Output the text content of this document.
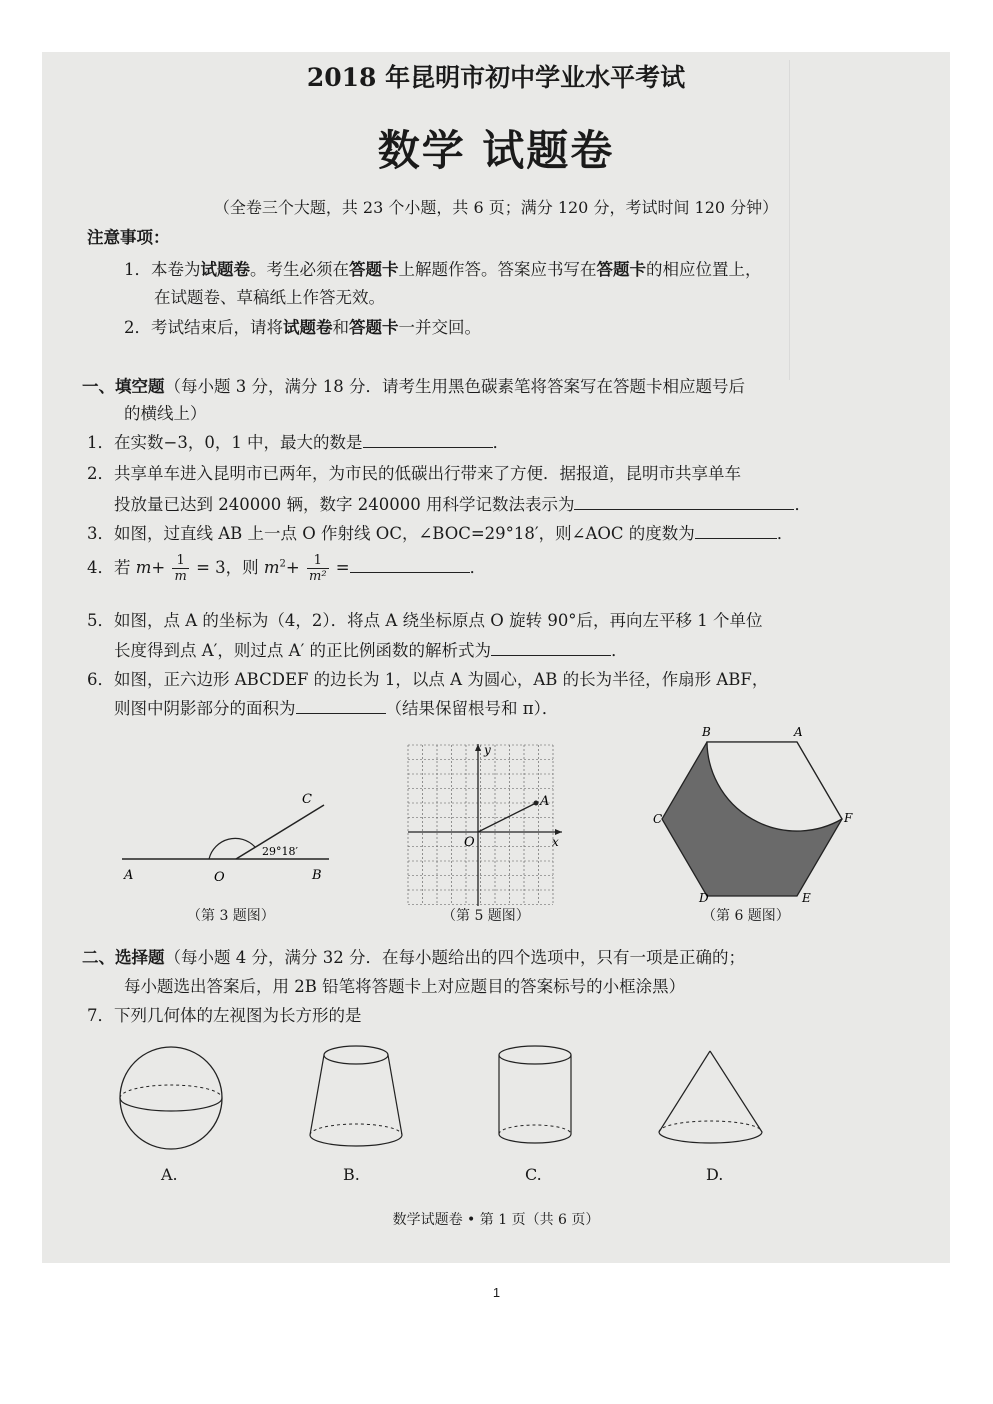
2018 年昆明市初中学业水平考试
数学 试题卷
（全卷三个大题，共 23 个小题，共 6 页；满分 120 分，考试时间 120 分钟）
注意事项：
1．本卷为试题卷。考生必须在答题卡上解题作答。答案应书写在答题卡的相应位置上，
在试题卷、草稿纸上作答无效。
2．考试结束后，请将试题卷和答题卡一并交回。
一、填空题（每小题 3 分，满分 18 分．请考生用黑色碳素笔将答案写在答题卡相应题号后
的横线上）
1．在实数−3，0，1 中，最大的数是	．
2．共享单车进入昆明市已两年，为市民的低碳出行带来了方便．据报道，昆明市共享单车
投放量已达到 240000 辆，数字 240000 用科学记数法表示为	．
3．如图，过直线 AB 上一点 O 作射线 OC，∠BOC=29°18′，则∠AOC 的度数为	．
4．若 $m+ \frac{1}{m} = 3$，则 $m^2+ \frac{1}{\text{m²}}$ =	．
5．如图，点 A 的坐标为（4，2）．将点 A 绕坐标原点 O 旋转 90°后，再向左平移 1 个单位
长度得到点 A′，则过点 A′ 的正比例函数的解析式为	．
6．如图，正六边形 ABCDEF 的边长为 1，以点 A 为圆心，AB 的长为半径，作扇形 ABF，
则图中阴影部分的面积为	（结果保留根号和 π）．
A	O	B
C
29°18′
（第 3 题图）
O
y
x
A
（第 5 题图）
B	A
C	F
D	E
（第 6 题图）
二、选择题（每小题 4 分，满分 32 分．在每小题给出的四个选项中，只有一项是正确的；
每小题选出答案后，用 2B 铅笔将答题卡上对应题目的答案标号的小框涂黑）
7．下列几何体的左视图为长方形的是
A.	B.	C.	D.
数学试题卷 • 第 1 页（共 6 页）
1
